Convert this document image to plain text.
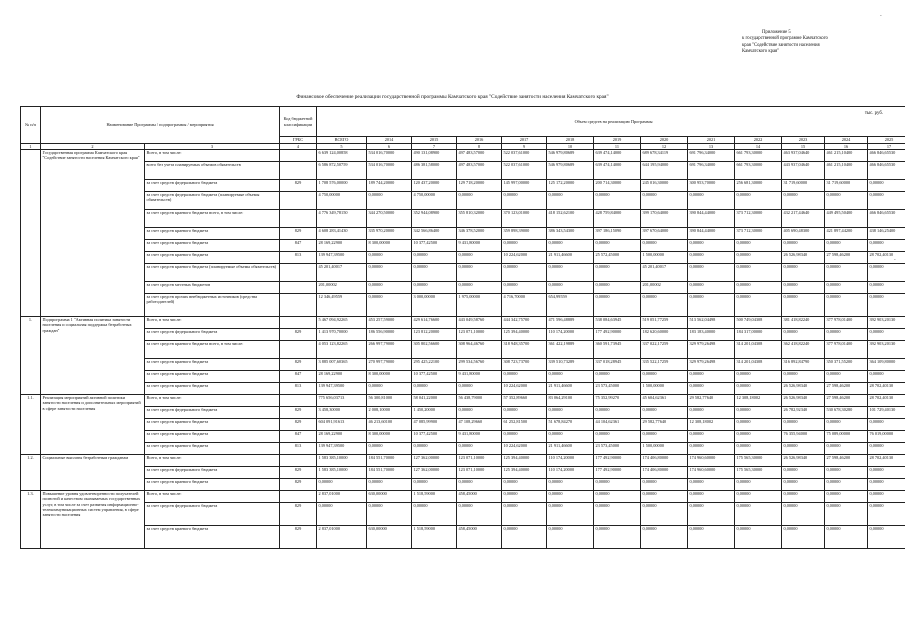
-
-
Приложение 5
к государственной программе Камчатского
края "Содействие занятости населения
Камчатского края"
Финансовое обеспечение реализации государственной программы Камчатского края "Содействие занятости населения Камчатского края"
тыс. руб.
№ п/п	Наименование Программы / подпрограммы / мероприятия		Код бюджетной классификации	Объем средств на реализацию Программы												
			ГРБС	ВСЕГО	2014	2015	2016	2017	2018	2019	2020	2021	2022	2023	2024	2025
1	2	3	4	5	6	7	8	9	10	11	12	13	14	15	16	17
	Государственная программа Камчатского края "Содействие занятости населения Камчатского края"	Всего, в том числе:		6 639 124,00858	534 016,70000	490 131,08900	497 483,57000	522 037,61000	546 979,80689	639 474,14000	689 678,34119	691 796,34000	661 793,30000	463 937,04640	461 215,10400	466 846,65530
		всего без учета планируемых объемов обязательств		6 586 872,50759	534 016,70000	486 381,58000	497 483,57000	522 037,61000	546 979,80689	639 474,14000	644 195,94000	691 796,34000	661 793,30000	443 937,04640	461 215,10400	466 846,65530
		за счет средств федерального бюджета	829	1 708 576,00000	189 744,20000	120 437,20000	129 718,20000	145 997,00000	125 172,20000	200 714,30000	245 016,30000	300 953,70000	256 681,30000	31 719,60000	31 719,60000	0,00000
		за счет средств федерального бюджета (планируемые объемы обязательств)		4 750,00000	0,00000	4 750,00000	0,00000	0,00000	0,00000	0,00000	0,00000	0,00000	0,00000	0,00000	0,00000	0,00000
		за счет средств краевого бюджета всего, в том числе:		4 776 349,78150	344 270,50000	352 944,08900	355 810,32000	370 123,01000	418 152,62100	428 759,84000	399 170,64000	390 844,44000	373 712,30000	432 217,44640	449 495,50400	466 846,65530
		за счет средств краевого бюджета	829	4 608 283,41430	335 970,20000	342 566,86400	346 378,52000	359 898,39000	386 343,54300	397 186,15090	397 670,64000	390 844,44000	373 712,30000	405 690,48300	421 897,44200	438 146,25400
		за счет средств краевого бюджета	847	28 169,22900	8 300,00000	10 377,42500	9 431,80000	0,00000	0,00000	0,00000	0,00000	0,00000	0,00000	0,00000	0,00000	0,00000
		за счет средств краевого бюджета	813	139 947,39500	0,00000	0,00000	0,00000	10 224,62000	21 911,46600	25 572,45000	1 500,00000	0,00000	0,00000	26 526,98340	27 598,46200	28 702,40130
		за счет средств краевого бюджета (планируемые объемы обязательств)		45 201,40017	0,00000	0,00000	0,00000	0,00000	0,00000	0,00000	45 201,40017	0,00000	0,00000	0,00000	0,00000	0,00000
		за счет средств местных бюджетов		201,00002	0,00000	0,00000	0,00000	0,00000	0,00000	0,00000	201,00002	0,00000	0,00000	0,00000	0,00000	0,00000
		за счет средств прочих внебюджетных источников (средства работодателей)		12 346,49559	0,00000	3 000,00000	1 975,00000	4 716,70000	654,99559	0,00000	0,00000	0,00000	0,00000	0,00000	0,00000	0,00000
1.	Подпрограмма 1 "Активная политика занятости населения и социальная поддержка безработных граждан"	Всего, в том числе:		5 467 094,92265	453 257,59000	429 614,76600	443 049,58760	444 342,75700	471 596,48889	538 084,63945	519 051,77259	513 562,04498	500 749,04308	381 418,82240	377 978,01400	392 903,20130
		за счет средств федерального бюджета	829	1 413 970,70000	186 556,90000	123 812,20000	123 071,10000	125 394,40000	110 174,20000	177 492,90000	182 620,60000	183 183,40000	184 317,00000	0,00000	0,00000	0,00000
		за счет средств краевого бюджета всего, в том числе:		4 053 123,82265	266 997,79000	305 802,56600	308 964,46760	318 948,35700	361 422,19889	360 591,73945	337 022,17259	329 979,26498	314 201,04308	362 418,82240	377 978,01400	392 903,20130
		за счет средств краевого бюджета	829	3 885 007,60365	270 997,79000	295 425,22100	299 534,56760	308 723,73700	339 510,73289	337 018,28945	335 522,17259	329 979,26498	314 201,04308	316 892,84790	350 371,55200	364 109,80000
		за счет средств краевого бюджета	847	28 169,22900	8 300,00000	10 377,42500	9 431,80000	0,00000	0,00000	0,00000	0,00000	0,00000	0,00000	0,00000	0,00000	0,00000
		за счет средств краевого бюджета	813	139 947,39500	0,00000	0,00000	0,00000	10 224,62000	21 911,46600	23 573,45000	1 500,00000	0,00000	0,00000	26 526,98340	27 598,46200	28 702,40130
1.1.	Реализация мероприятий активной политики занятости населения и дополнительных мероприятий в сфере занятости населения	Всего, в том числе:		775 656,03713	56 300,81000	58 041,22000	56 438,79000	57 352,89660	83 064,29100	75 352,99270	45 604,62361	29 582,77640	12 308,18002	26 526,98340	27 598,46200	28 702,40130
		за счет средств федерального бюджета	829	3 458,30000	2 008,10000	1 450,20000	0,00000	0,00000	0,00000	0,00000	0,00000	0,00000	0,00000	26 782,92340	530 678,30280	101 729,40130
		за счет средств краевого бюджета	829	604 091,91613	46 213,60100	47 085,99900	47 108,29660	61 252,81500	51 678,84270	44 104,62361	29 582,77640	12 308,18002	0,00000	0,00000	0,00000	0,00000
		за счет средств краевого бюджета	847	28 169,22900	8 300,00000	10 377,42500	9 431,80000	0,00000	0,00000	0,00000	0,00000	0,00000	0,00000	76 355,94000	75 089,00000	76 019,00000
		за счет средств краевого бюджета	813	139 947,39500	0,00000	0,00000	0,00000	10 224,62000	21 911,46600	23 573,45000	1 500,00000	0,00000	0,00000	0,00000	0,00000	0,00000
1.2.	Социальные выплаты безработным гражданам	Всего, в том числе:		1 583 385,10000	184 551,70000	127 362,00000	123 071,10000	125 394,40000	110 174,20000	177 492,90000	174 406,80000	174 960,60000	175 565,30000	26 526,98340	27 598,46200	28 702,40130
		за счет средств федерального бюджета	829	1 583 385,10000	184 551,70000	127 362,00000	123 071,10000	125 394,40000	110 174,20000	177 492,90000	174 406,80000	174 960,60000	175 565,30000	0,00000	0,00000	0,00000
		за счет средств краевого бюджета	829	0,00000	0,00000	0,00000	0,00000	0,00000	0,00000	0,00000	0,00000	0,00000	0,00000	0,00000	0,00000	0,00000
1.3.	Повышение уровня удовлетворенности получателей полнотой и качеством оказываемых государственных услуг, в том числе за счет развития информационно-телекоммуникационных систем управления, в сфере занятости населения	Всего, в том числе:		2 837,01000	630,00000	1 518,59000	458,45000	0,00000	0,00000	0,00000	0,00000	0,00000	0,00000	0,00000	0,00000	0,00000
		за счет средств федерального бюджета	829	0,00000	0,00000	0,00000	0,00000	0,00000	0,00000	0,00000	0,00000	0,00000	0,00000	0,00000	0,00000	0,00000
		за счет средств краевого бюджета	829	2 837,01000	630,00000	1 518,59000	458,45000	0,00000	0,00000	0,00000	0,00000	0,00000	0,00000	0,00000	0,00000	0,00000
